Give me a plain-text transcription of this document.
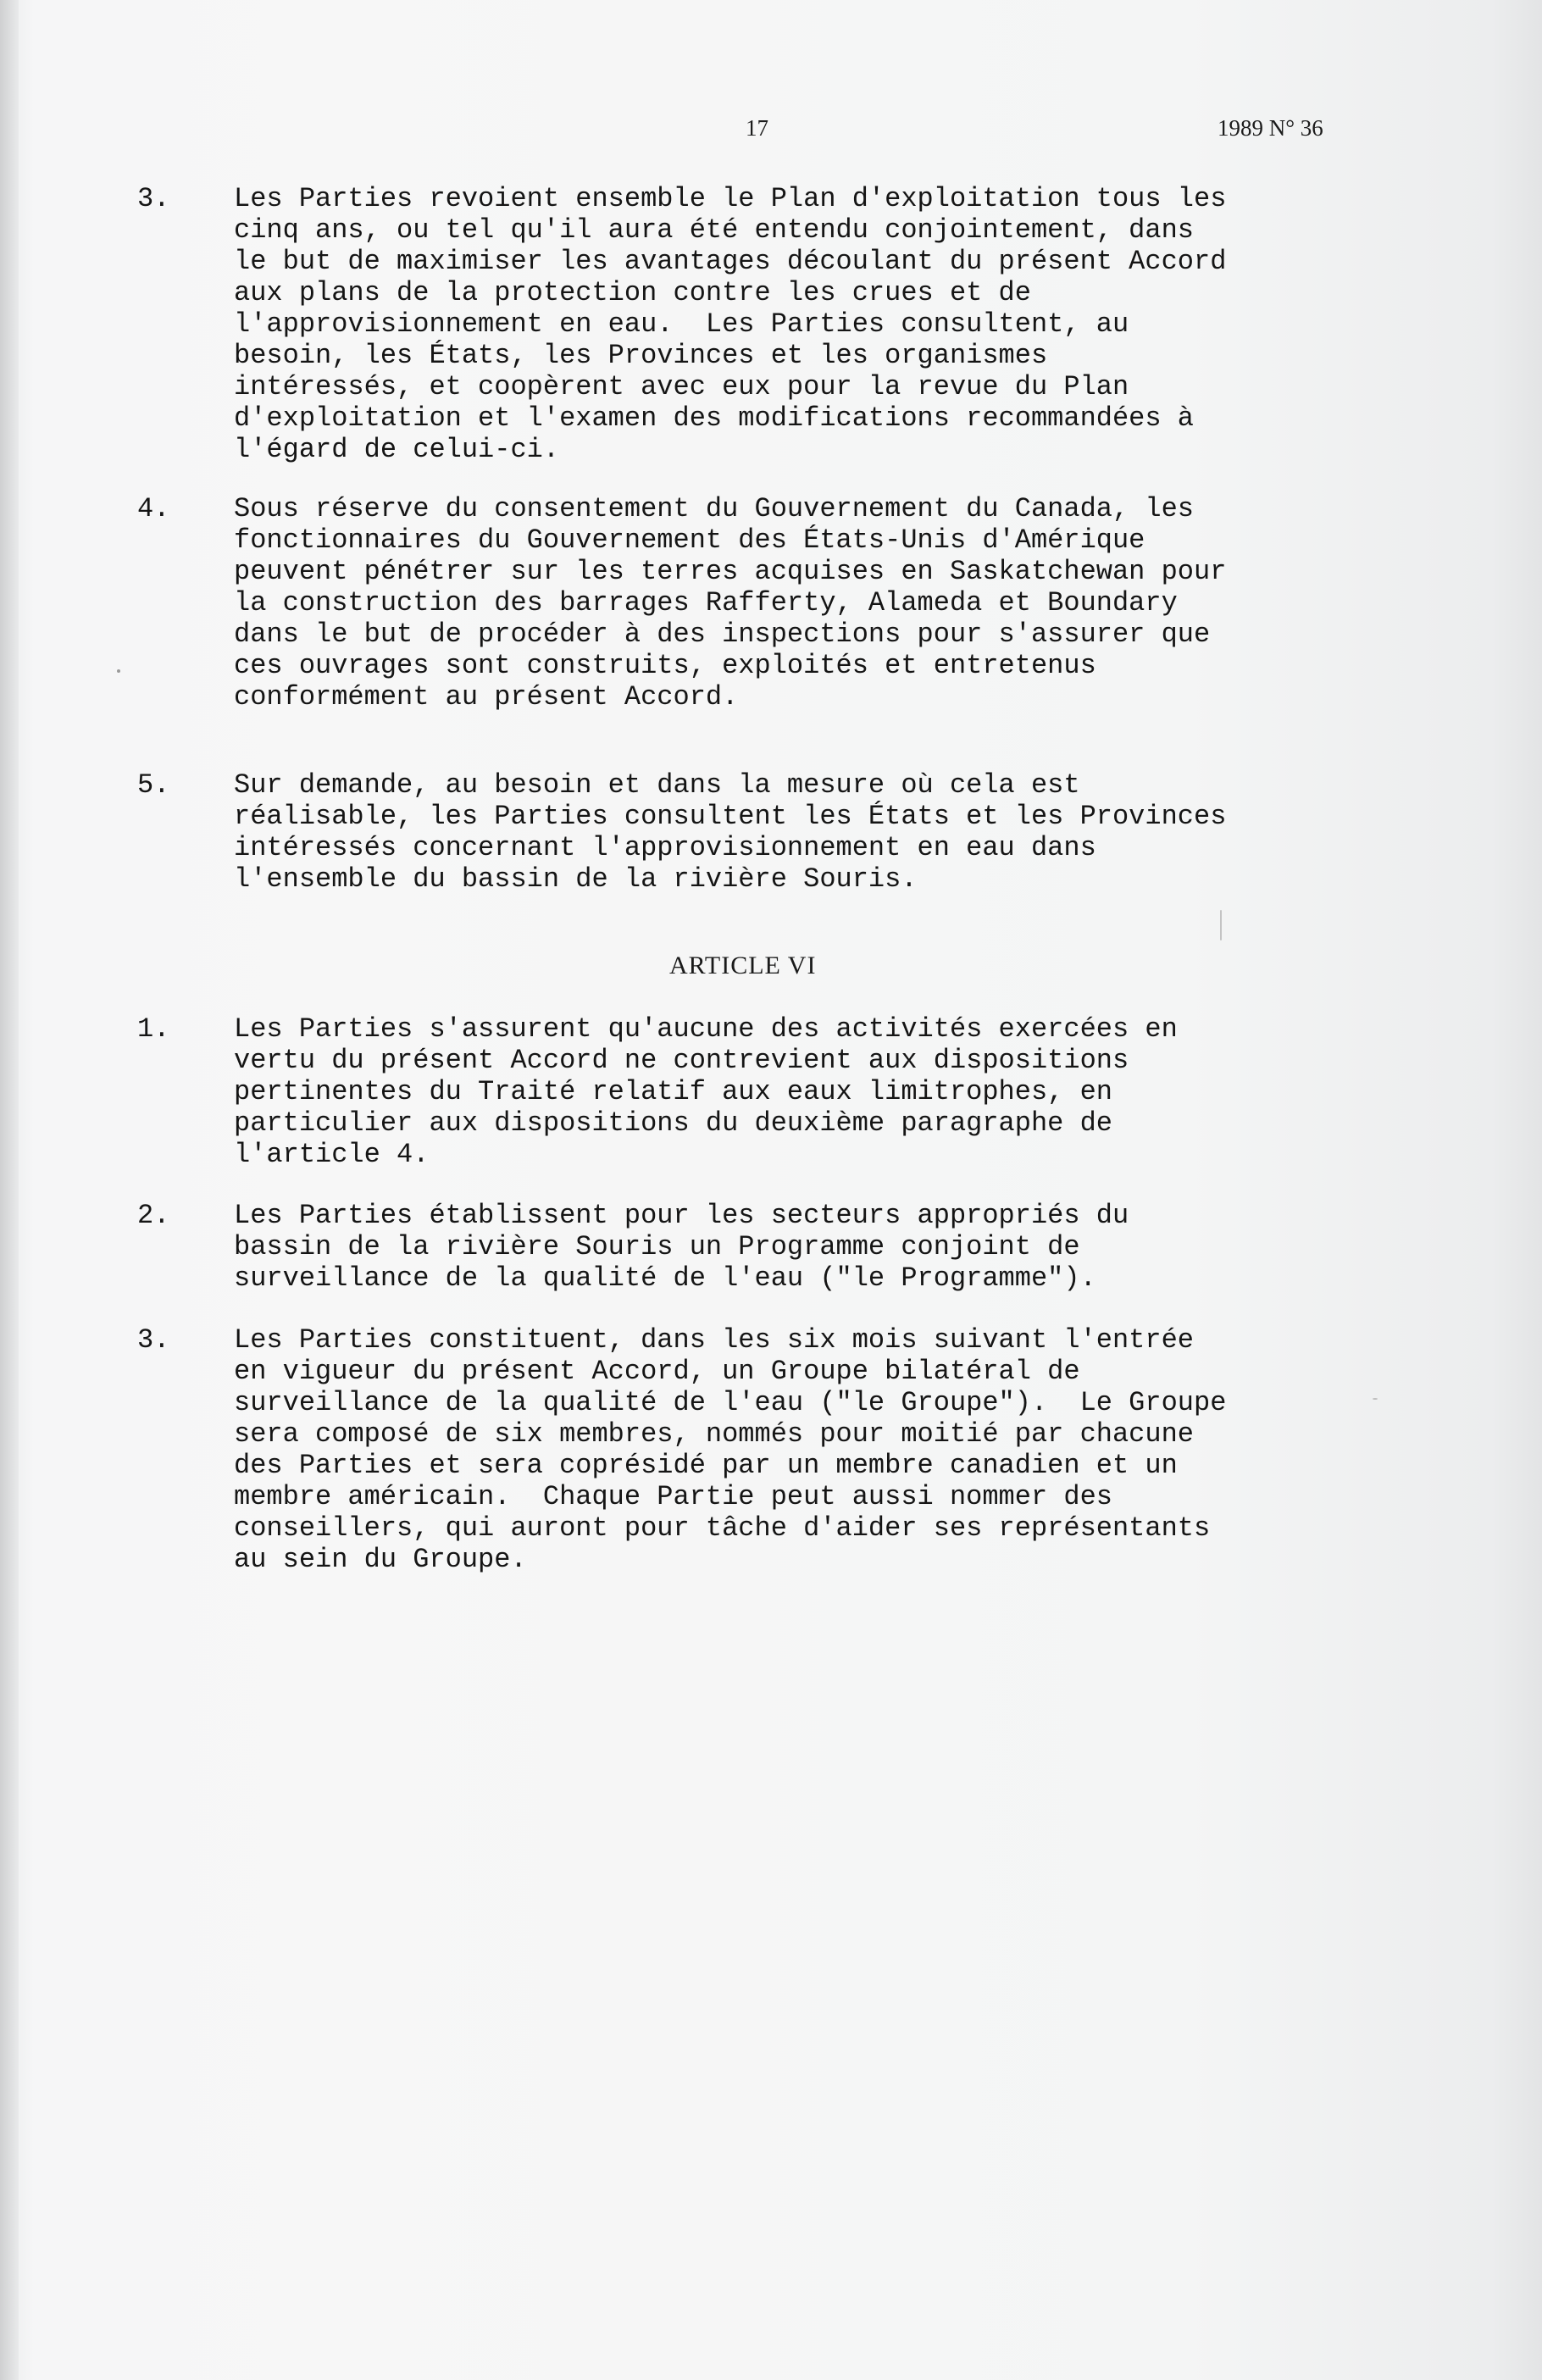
17	1989 N° 36
3.	Les Parties revoient ensemble le Plan d'exploitation tous les
cinq ans, ou tel qu'il aura été entendu conjointement, dans
le but de maximiser les avantages découlant du présent Accord
aux plans de la protection contre les crues et de
l'approvisionnement en eau.  Les Parties consultent, au
besoin, les États, les Provinces et les organismes
intéressés, et coopèrent avec eux pour la revue du Plan
d'exploitation et l'examen des modifications recommandées à
l'égard de celui-ci.
4.	Sous réserve du consentement du Gouvernement du Canada, les
fonctionnaires du Gouvernement des États-Unis d'Amérique
peuvent pénétrer sur les terres acquises en Saskatchewan pour
la construction des barrages Rafferty, Alameda et Boundary
dans le but de procéder à des inspections pour s'assurer que
ces ouvrages sont construits, exploités et entretenus
conformément au présent Accord.
5.	Sur demande, au besoin et dans la mesure où cela est
réalisable, les Parties consultent les États et les Provinces
intéressés concernant l'approvisionnement en eau dans
l'ensemble du bassin de la rivière Souris.
ARTICLE VI
1.	Les Parties s'assurent qu'aucune des activités exercées en
vertu du présent Accord ne contrevient aux dispositions
pertinentes du Traité relatif aux eaux limitrophes, en
particulier aux dispositions du deuxième paragraphe de
l'article 4.
2.	Les Parties établissent pour les secteurs appropriés du
bassin de la rivière Souris un Programme conjoint de
surveillance de la qualité de l'eau ("le Programme").
3.	Les Parties constituent, dans les six mois suivant l'entrée
en vigueur du présent Accord, un Groupe bilatéral de
surveillance de la qualité de l'eau ("le Groupe").  Le Groupe
sera composé de six membres, nommés pour moitié par chacune
des Parties et sera coprésidé par un membre canadien et un
membre américain.  Chaque Partie peut aussi nommer des
conseillers, qui auront pour tâche d'aider ses représentants
au sein du Groupe.
